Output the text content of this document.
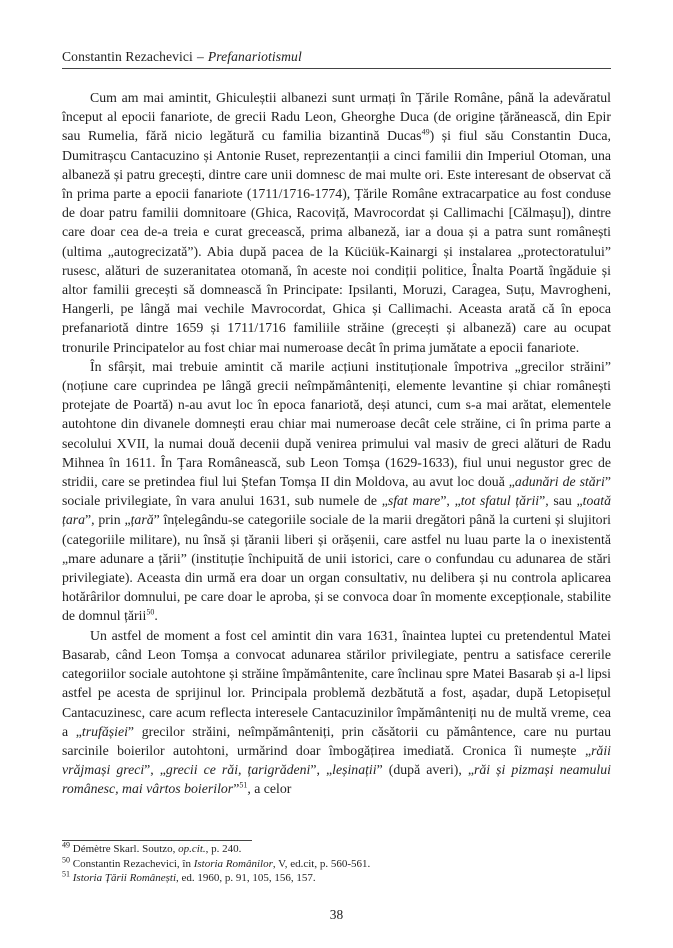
Constantin Rezachevici – Prefanariotismul

Cum am mai amintit, Ghiculeștii albanezi sunt urmați în Țările Române, până la adevăratul început al epocii fanariote, de grecii Radu Leon, Gheorghe Duca (de origine țărănească, din Epir sau Rumelia, fără nicio legătură cu familia bizantină Ducas$^{49}$) și fiul său Constantin Duca, Dumitrașcu Cantacuzino și Antonie Ruset, reprezentanții a cinci familii din Imperiul Otoman, una albaneză și patru grecești, dintre care unii domnesc de mai multe ori. Este interesant de observat că în prima parte a epocii fanariote (1711/1716-1774), Țările Române extracarpatice au fost conduse de doar patru familii domnitoare (Ghica, Racoviță, Mavrocordat și Callimachi [Călmașu]), dintre care doar cea de-a treia e curat grecească, prima albaneză, iar a doua și a patra sunt românești (ultima „autogrecizată”). Abia după pacea de la Küciük-Kainargi și instalarea „protectoratului” rusesc, alături de suzeranitatea otomană, în aceste noi condiții politice, Înalta Poartă îngăduie și altor familii grecești să domnească în Principate: Ipsilanti, Moruzi, Caragea, Suțu, Mavrogheni, Hangerli, pe lângă mai vechile Mavrocordat, Ghica și Callimachi. Aceasta arată că în epoca prefanariotă dintre 1659 și 1711/1716 familiile străine (grecești și albaneză) care au ocupat tronurile Principatelor au fost chiar mai numeroase decât în prima jumătate a epocii fanariote.

În sfârșit, mai trebuie amintit că marile acțiuni instituționale împotriva „grecilor străini” (noțiune care cuprindea pe lângă grecii neîmpământeniți, elemente levantine și chiar românești protejate de Poartă) n-au avut loc în epoca fanariotă, deși atunci, cum s-a mai arătat, elementele autohtone din divanele domnești erau chiar mai numeroase decât cele străine, ci în prima parte a secolului XVII, la numai două decenii după venirea primului val masiv de greci alături de Radu Mihnea în 1611. În Țara Românească, sub Leon Tomșa (1629-1633), fiul unui negustor grec de stridii, care se pretindea fiul lui Ștefan Tomșa II din Moldova, au avut loc două „adunări de stări” sociale privilegiate, în vara anului 1631, sub numele de „sfat mare”, „tot sfatul țării”, sau „toată țara”, prin „țară” înțelegându-se categoriile sociale de la marii dregători până la curteni și slujitori (categoriile militare), nu însă și țăranii liberi și orășenii, care astfel nu luau parte la o inexistentă „mare adunare a țării” (instituție închipuită de unii istorici, care o confundau cu adunarea de stări privilegiate). Aceasta din urmă era doar un organ consultativ, nu delibera și nu controla aplicarea hotărârilor domnului, pe care doar le aproba, și se convoca doar în momente excepționale, stabilite de domnul țării$^{50}$.

Un astfel de moment a fost cel amintit din vara 1631, înaintea luptei cu pretendentul Matei Basarab, când Leon Tomșa a convocat adunarea stărilor privilegiate, pentru a satisface cererile categoriilor sociale autohtone și străine împământenite, care înclinau spre Matei Basarab și a-l lipsi astfel pe acesta de sprijinul lor. Principala problemă dezbătută a fost, așadar, după Letopisețul Cantacuzinesc, care acum reflecta interesele Cantacuzinilor împământeniți nu de multă vreme, cea a „trufășiei” grecilor străini, neîmpământeniți, prin căsătorii cu pământence, care nu purtau sarcinile boierilor autohtoni, urmărind doar îmbogățirea imediată. Cronica îi numește „răii vrăjmași greci”, „grecii ce răi, țarigrădeni”, „leșinații” (după averi), „răi și pizmași neamului românesc, mai vârtos boierilor”$^{51}$, a celor

$^{49}$ Démètre Skarl. Soutzo, op.cit., p. 240.

$^{50}$ Constantin Rezachevici, în Istoria Românilor, V, ed.cit, p. 560-561.

$^{51}$ Istoria Țării Românești, ed. 1960, p. 91, 105, 156, 157.

38
